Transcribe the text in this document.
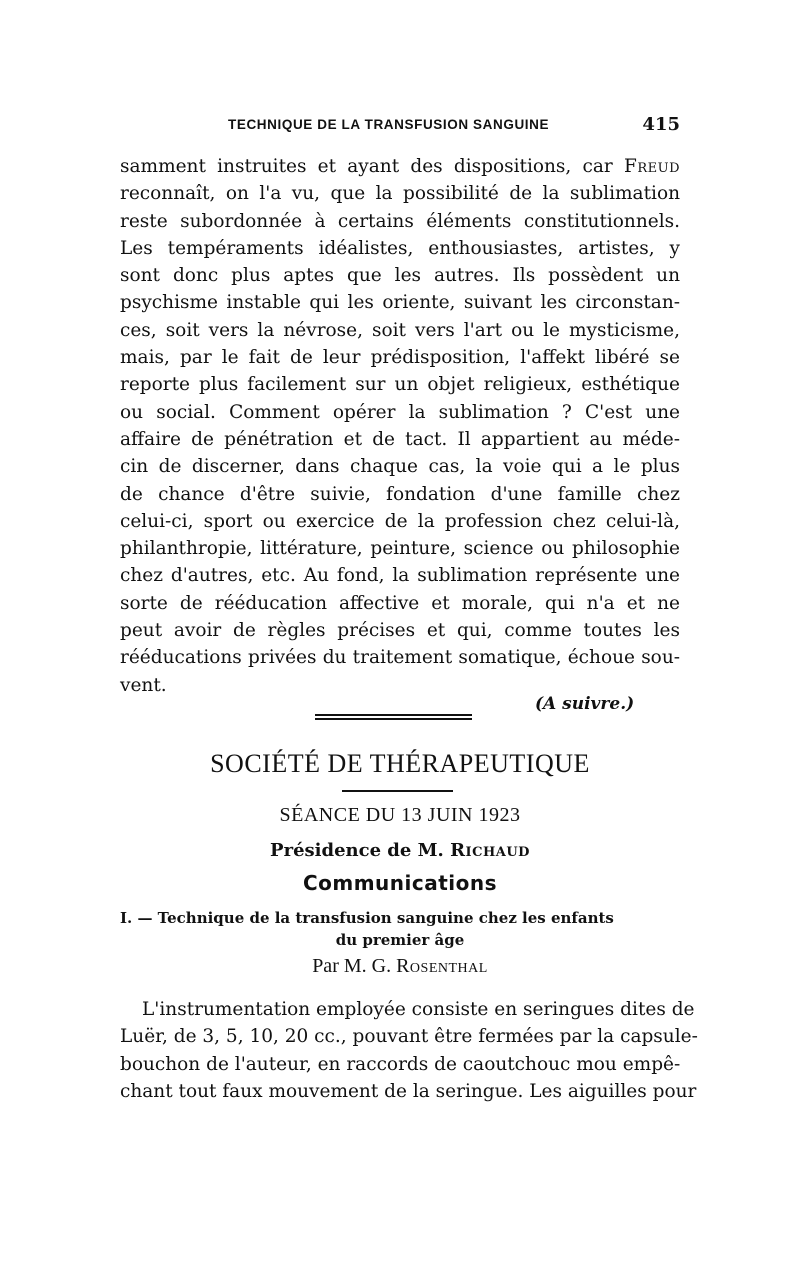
TECHNIQUE DE LA TRANSFUSION SANGUINE	415
samment instruites et ayant des dispositions, car Freud
reconnaît, on l'a vu, que la possibilité de la sublimation
reste subordonnée à certains éléments constitutionnels.
Les tempéraments idéalistes, enthousiastes, artistes, y
sont donc plus aptes que les autres. Ils possèdent un
psychisme instable qui les oriente, suivant les circonstan-
ces, soit vers la névrose, soit vers l'art ou le mysticisme,
mais, par le fait de leur prédisposition, l'affekt libéré se
reporte plus facilement sur un objet religieux, esthétique
ou social. Comment opérer la sublimation ? C'est une
affaire de pénétration et de tact. Il appartient au méde-
cin de discerner, dans chaque cas, la voie qui a le plus
de chance d'être suivie, fondation d'une famille chez
celui-ci, sport ou exercice de la profession chez celui-là,
philanthropie, littérature, peinture, science ou philosophie
chez d'autres, etc. Au fond, la sublimation représente une
sorte de rééducation affective et morale, qui n'a et ne
peut avoir de règles précises et qui, comme toutes les
rééducations privées du traitement somatique, échoue sou-
vent.
(A suivre.)
SOCIÉTÉ DE THÉRAPEUTIQUE
SÉANCE DU 13 JUIN 1923
Présidence de M. Richaud
Communications
I. — Technique de la transfusion sanguine chez les enfants
du premier âge
Par M. G. Rosenthal
L'instrumentation employée consiste en seringues dites de
Luër, de 3, 5, 10, 20 cc., pouvant être fermées par la capsule-
bouchon de l'auteur, en raccords de caoutchouc mou empê-
chant tout faux mouvement de la seringue. Les aiguilles pour
